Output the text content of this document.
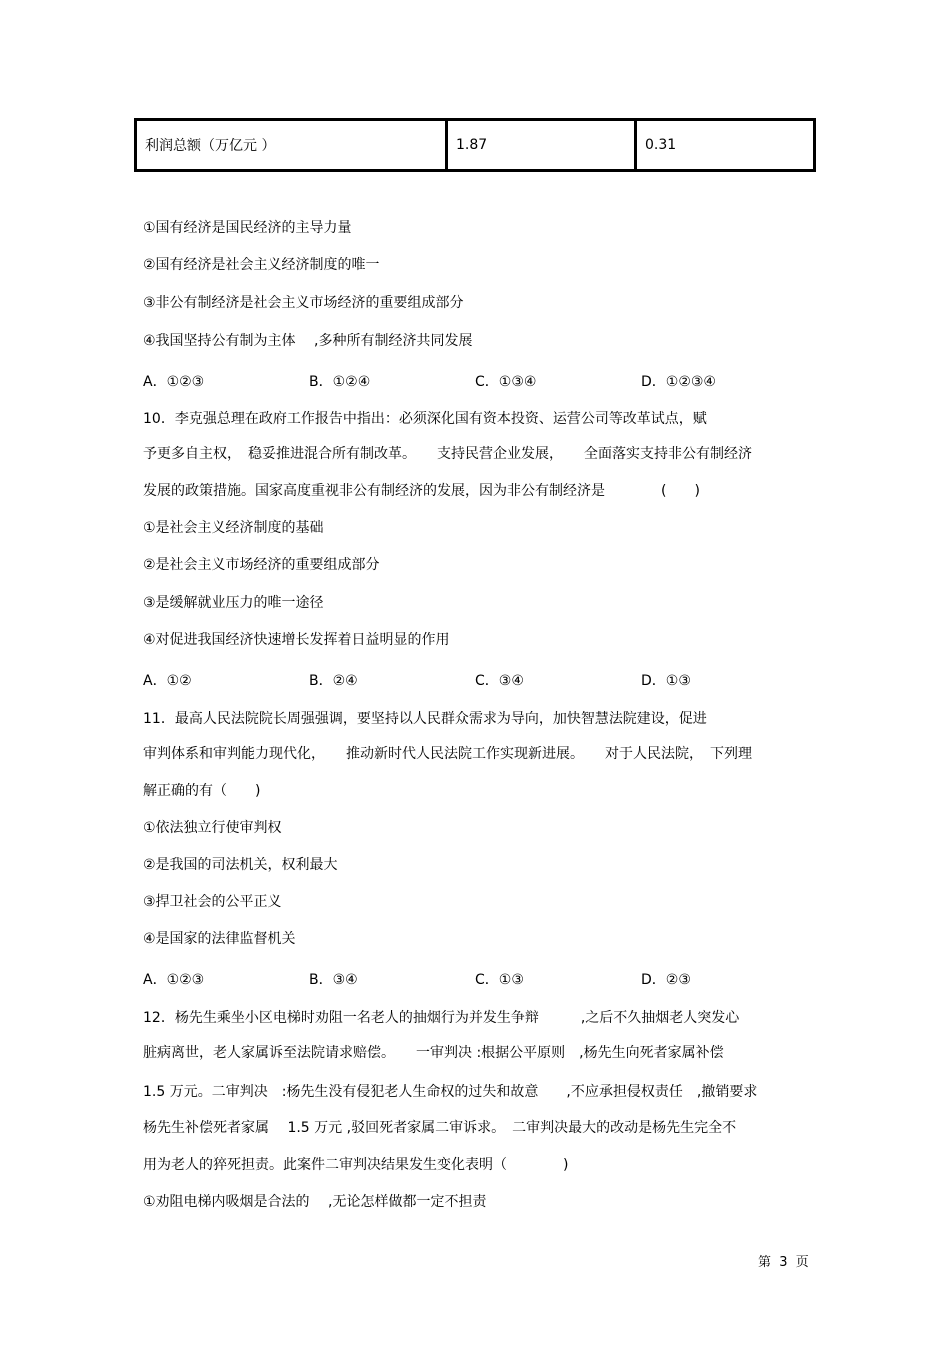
利润总额（万亿元 ）	1.87	0.31
①国有经济是国民经济的主导力量
②国有经济是社会主义经济制度的唯一
③非公有制经济是社会主义市场经济的重要组成部分
④我国坚持公有制为主体　 ,多种所有制经济共同发展
A．①②③	B．①②④	C．①③④	D．①②③④
10．李克强总理在政府工作报告中指出：必须深化国有资本投资、运营公司等改革试点，赋
予更多自主权，　稳妥推进混合所有制改革。　　支持民营企业发展，　　全面落实支持非公有制经济
发展的政策措施。国家高度重视非公有制经济的发展，因为非公有制经济是　　　　(　　)
①是社会主义经济制度的基础
②是社会主义市场经济的重要组成部分
③是缓解就业压力的唯一途径
④对促进我国经济快速增长发挥着日益明显的作用
A．①②	B．②④	C．③④	D．①③
11．最高人民法院院长周强强调，要坚持以人民群众需求为导向，加快智慧法院建设，促进
审判体系和审判能力现代化，　　推动新时代人民法院工作实现新进展。　　对于人民法院，　下列理
解正确的有（　　)
①依法独立行使审判权
②是我国的司法机关，权利最大
③捍卫社会的公平正义
④是国家的法律监督机关
A．①②③	B．③④	C．①③	D．②③
12．杨先生乘坐小区电梯时劝阻一名老人的抽烟行为并发生争辩　　　,之后不久抽烟老人突发心
脏病离世，老人家属诉至法院请求赔偿。　　一审判决 :根据公平原则　,杨先生向死者家属补偿
1.5 万元。二审判决　:杨先生没有侵犯老人生命权的过失和故意　　,不应承担侵权责任　,撤销要求
杨先生补偿死者家属　 1.5 万元 ,驳回死者家属二审诉求。　二审判决最大的改动是杨先生完全不
用为老人的猝死担责。此案件二审判决结果发生变化表明（　　　　)
①劝阻电梯内吸烟是合法的　 ,无论怎样做都一定不担责
第  3  页
